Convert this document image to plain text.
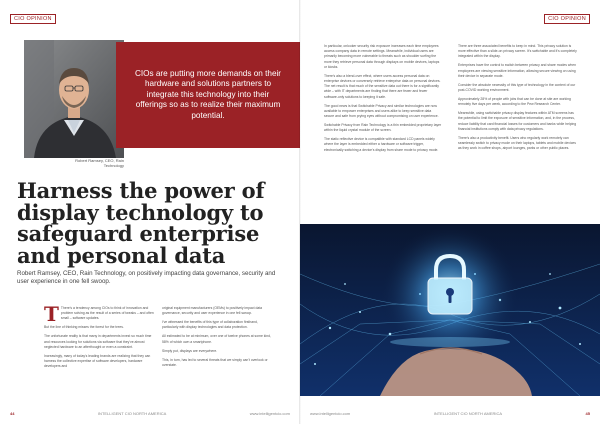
CIO OPINION
Robert Ramsey, CEO, Rain Technology
Harness the power of display technology to safeguard enterprise and personal data
Robert Ramsey, CEO, Rain Technology, on positively impacting data governance, security and user experience in one fell swoop.

T There's a tendency among CIOs to think of innovation and problem solving as the result of a series of tweaks – and often small – software updates.

But the line of thinking misses the forest for the trees.

The unfortunate reality is that many in departments invest so much time and resources looking for solutions via software that they've almost neglected hardware to an afterthought or even a constraint.

Increasingly, many of today's leading brands are realizing that they can harness the collective expertise of software developers, hardware developers and

original equipment manufacturers (OEMs) to positively impact data governance, security and user experience in one fell swoop.

I've witnessed the benefits of this type of collaboration firsthand, particularly with display technologies and data protection.

All estimated to be at minimum, over one of twelve phones at some kind, 58% of which own a smartphone.

Simply put, displays are everywhere.

This, in turn, has led to several threats that we simply can't overlook or overstate.

44	INTELLIGENT CIO NORTH AMERICA	www.intelligentcio.com

CIOs are putting more demands on their hardware and solutions partners to integrate this technology into their offerings so as to realize their maximum potential.

CIO OPINION

In particular, onlooker security risk exposure increases each time employees access company data in remote settings. Meanwhile, individual users are primarily becoming more vulnerable to threats such as shoulder surfing the more they retrieve personal data through displays on mobile devices, laptops or kiosks.

There's also a blend-over effect, where users access personal data on enterprise devices or conversely retrieve enterprise data on personal devices. The net result is that much of the sensitive data out there is for a significantly wide – with IT departments are finding that there are fewer and fewer software-only solutions to keeping it safe.

The good news is that Switchable Privacy and similar technologies are now available to empower enterprises and users alike to keep sensitive data secure and safe from prying eyes without compromising on user experience.

Switchable Privacy from Rain Technology is a thin embedded proprietary layer within the liquid crystal module of the screen.

The static reflective device is compatible with standard LCD panels widely where the layer is embedded either a hardware or software trigger, electronically switching a device's display from share mode to privacy mode.

There are three associated benefits to keep in mind. This privacy solution is more effective than a slide-on privacy screen. It's switchable and it's completely integrated within the display.

Enterprises have the control to switch between privacy and share modes when employees are viewing sensitive information, allowing secure viewing on using their device in separate mode.

Consider the absolute necessity of this type of technology in the context of our post-COVID working environment.

Approximately 28% of people with jobs that can be done at site are working remotely five days per week, according to the Pew Research Center.

Meanwhile, using switchable privacy display features within ATM screens has the potential to limit the exposure of sensitive information, and, in the process, reduce liability that card financial losses for customers and banks while helping financial institutions comply with data privacy regulations.

There's also a productivity benefit. Users who regularly work remotely can seamlessly switch to privacy mode on their laptops, tablets and mobile devices as they work in coffee shops, airport lounges, parks or other public places.

www.intelligentcio.com	INTELLIGENT CIO NORTH AMERICA	45
